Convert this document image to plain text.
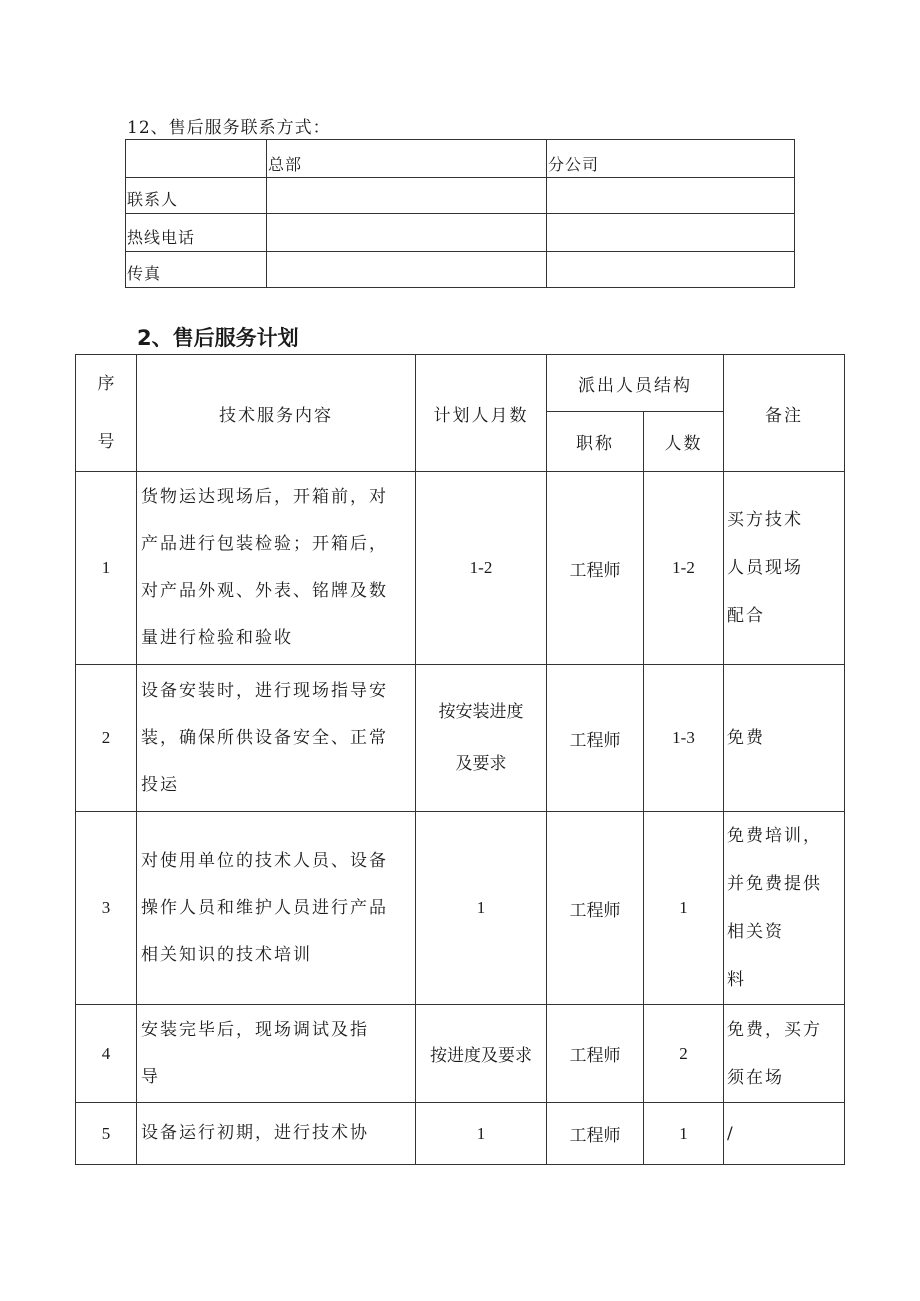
12、售后服务联系方式：
	总部	分公司
联系人		
热线电话		
传真		
2、售后服务计划
序
号	技术服务内容	计划人月数	派出人员结构		备注
			职称	人数	
1	货物运达现场后，开箱前，对
产品进行包装检验；开箱后，
对产品外观、外表、铭牌及数
量进行检验和验收	1-2	工程师	1-2	买方技术
人员现场
配合

2	设备安装时，进行现场指导安
装，确保所供设备安全、正常
投运	按安装进度
及要求	工程师	1-3	免费

3	对使用单位的技术人员、设备
操作人员和维护人员进行产品
相关知识的技术培训	1	工程师	1	免费培训，
并免费提供
相关资
料

4	安装完毕后，现场调试及指
导	按进度及要求	工程师	2	免费，买方
须在场

5	设备运行初期，进行技术协	1	工程师	1	/
